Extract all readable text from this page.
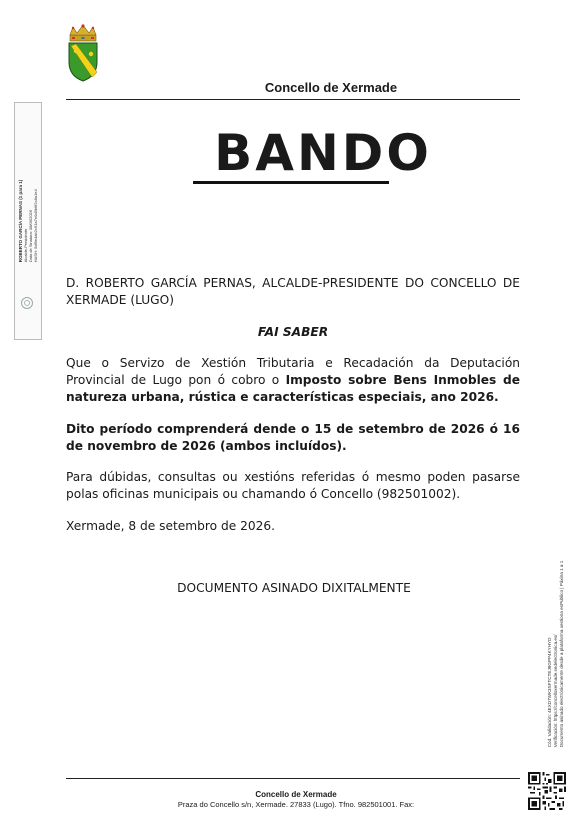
Concello de Xermade
BANDO
ROBERTO GARCÍA PERNAS (1 para 1)
Alcalde-Presidente
Data de Sinatura: 08/09/2026
HASH: 5df9e4ab2c91a7e0d3b6f2c8a1e4

D. ROBERTO GARCÍA PERNAS, ALCALDE-PRESIDENTE DO CONCELLO DE XERMADE (LUGO)

FAI SABER

Que o Servizo de Xestión Tributaria e Recadación da Deputación Provincial de Lugo pon ó cobro o Imposto sobre Bens Inmobles de natureza urbana, rústica e características especiais, ano 2026.

Dito período comprenderá dende o 15 de setembro de 2026 ó 16 de novembro de 2026 (ambos incluídos).

Para dúbidas, consultas ou xestións referidas ó mesmo poden pasarse polas oficinas municipais ou chamando ó Concello (982501002).

Xermade, 8 de setembro de 2026.

DOCUMENTO ASINADO DIXITALMENTE

Cód. Validación: 4EXD7WK3SFTCTEJ9GPP4KYHYD
Verificación: https://concelloxermade.sedelectronica.es/
Documento asinado electrónicamente desde a plataforma xestiona esPublico | Páxina 1 a 1
Concello de Xermade
Praza do Concello s/n, Xermade. 27833 (Lugo). Tfno. 982501001. Fax:
